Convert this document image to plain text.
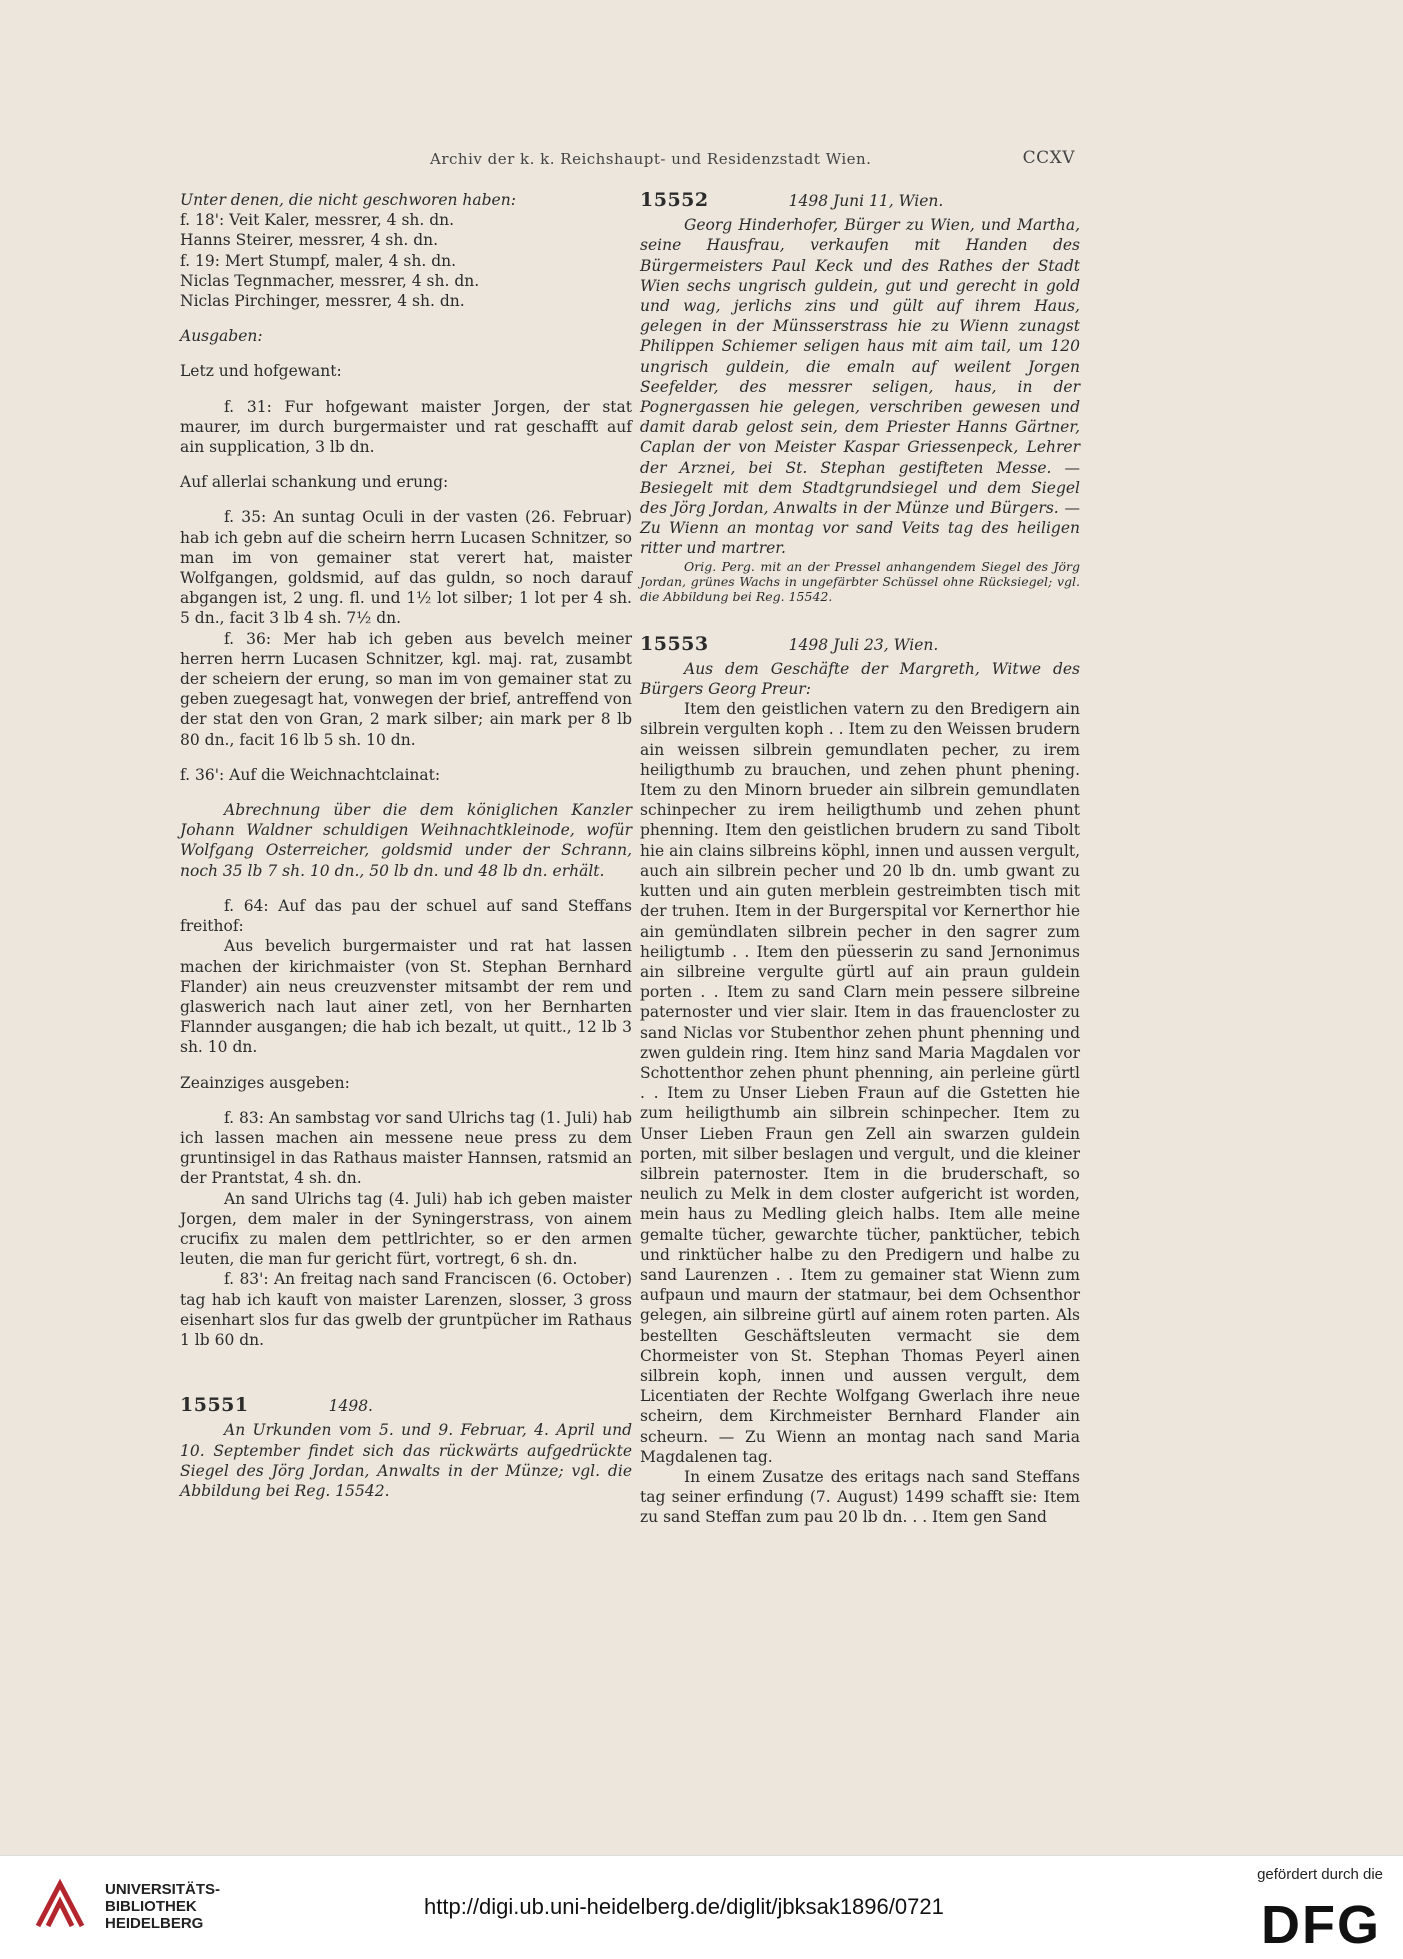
Archiv der k. k. Reichshaupt- und Residenzstadt Wien.	CCXV

Unter denen, die nicht geschworen haben:

f. 18': Veit Kaler, messrer, 4 sh. dn.

Hanns Steirer, messrer, 4 sh. dn.

f. 19: Mert Stumpf, maler, 4 sh. dn.

Niclas Tegnmacher, messrer, 4 sh. dn.

Niclas Pirchinger, messrer, 4 sh. dn.

Ausgaben:

Letz und hofgewant:

f. 31: Fur hofgewant maister Jorgen, der stat maurer, im durch burgermaister und rat geschafft auf ain supplication, 3 lb dn.

Auf allerlai schankung und erung:

f. 35: An suntag Oculi in der vasten (26. Februar) hab ich gebn auf die scheirn herrn Lucasen Schnitzer, so man im von gemainer stat verert hat, maister Wolfgangen, goldsmid, auf das guldn, so noch darauf abgangen ist, 2 ung. fl. und 1½ lot silber; 1 lot per 4 sh. 5 dn., facit 3 lb 4 sh. 7½ dn.

f. 36: Mer hab ich geben aus bevelch meiner herren herrn Lucasen Schnitzer, kgl. maj. rat, zusambt der scheiern der erung, so man im von gemainer stat zu geben zuegesagt hat, vonwegen der brief, antreffend von der stat den von Gran, 2 mark silber; ain mark per 8 lb 80 dn., facit 16 lb 5 sh. 10 dn.

f. 36': Auf die Weichnachtclainat:

Abrechnung über die dem königlichen Kanzler Johann Waldner schuldigen Weihnachtkleinode, wofür Wolfgang Osterreicher, goldsmid under der Schrann, noch 35 lb 7 sh. 10 dn., 50 lb dn. und 48 lb dn. erhält.

f. 64: Auf das pau der schuel auf sand Steffans freithof:

Aus bevelich burgermaister und rat hat lassen machen der kirichmaister (von St. Stephan Bernhard Flander) ain neus creuzvenster mitsambt der rem und glaswerich nach laut ainer zetl, von her Bernharten Flannder ausgangen; die hab ich bezalt, ut quitt., 12 lb 3 sh. 10 dn.

Zeainziges ausgeben:

f. 83: An sambstag vor sand Ulrichs tag (1. Juli) hab ich lassen machen ain messene neue press zu dem gruntinsigel in das Rathaus maister Hannsen, ratsmid an der Prantstat, 4 sh. dn.

An sand Ulrichs tag (4. Juli) hab ich geben maister Jorgen, dem maler in der Syningerstrass, von ainem crucifix zu malen dem pettlrichter, so er den armen leuten, die man fur gericht fürt, vortregt, 6 sh. dn.

f. 83': An freitag nach sand Franciscen (6. October) tag hab ich kauft von maister Larenzen, slosser, 3 gross eisenhart slos fur das gwelb der gruntpücher im Rathaus 1 lb 60 dn.

15551	1498.

An Urkunden vom 5. und 9. Februar, 4. April und 10. September findet sich das rückwärts aufgedrückte Siegel des Jörg Jordan, Anwalts in der Münze; vgl. die Abbildung bei Reg. 15542.

15552	1498 Juni 11, Wien.

Georg Hinderhofer, Bürger zu Wien, und Martha, seine Hausfrau, verkaufen mit Handen des Bürgermeisters Paul Keck und des Rathes der Stadt Wien sechs ungrisch guldein, gut und gerecht in gold und wag, jerlichs zins und gült auf ihrem Haus, gelegen in der Münsserstrass hie zu Wienn zunagst Philippen Schiemer seligen haus mit aim tail, um 120 ungrisch guldein, die emaln auf weilent Jorgen Seefelder, des messrer seligen, haus, in der Pognergassen hie gelegen, verschriben gewesen und damit darab gelost sein, dem Priester Hanns Gärtner, Caplan der von Meister Kaspar Griessenpeck, Lehrer der Arznei, bei St. Stephan gestifteten Messe. — Besiegelt mit dem Stadtgrundsiegel und dem Siegel des Jörg Jordan, Anwalts in der Münze und Bürgers. — Zu Wienn an montag vor sand Veits tag des heiligen ritter und martrer.

Orig. Perg. mit an der Pressel anhangendem Siegel des Jörg Jordan, grünes Wachs in ungefärbter Schüssel ohne Rücksiegel; vgl. die Abbildung bei Reg. 15542.

15553	1498 Juli 23, Wien.

Aus dem Geschäfte der Margreth, Witwe des Bürgers Georg Preur:

Item den geistlichen vatern zu den Bredigern ain silbrein vergulten koph . . Item zu den Weissen brudern ain weissen silbrein gemundlaten pecher, zu irem heiligthumb zu brauchen, und zehen phunt phening. Item zu den Minorn brueder ain silbrein gemundlaten schinpecher zu irem heiligthumb und zehen phunt phenning. Item den geistlichen brudern zu sand Tibolt hie ain clains silbreins köphl, innen und aussen vergult, auch ain silbrein pecher und 20 lb dn. umb gwant zu kutten und ain guten merblein gestreimbten tisch mit der truhen. Item in der Burgerspital vor Kernerthor hie ain gemündlaten silbrein pecher in den sagrer zum heiligtumb . . Item den püesserin zu sand Jernonimus ain silbreine vergulte gürtl auf ain praun guldein porten . . Item zu sand Clarn mein pessere silbreine paternoster und vier slair. Item in das frauencloster zu sand Niclas vor Stubenthor zehen phunt phenning und zwen guldein ring. Item hinz sand Maria Magdalen vor Schottenthor zehen phunt phenning, ain perleine gürtl . . Item zu Unser Lieben Fraun auf die Gstetten hie zum heiligthumb ain silbrein schinpecher. Item zu Unser Lieben Fraun gen Zell ain swarzen guldein porten, mit silber beslagen und vergult, und die kleiner silbrein paternoster. Item in die bruderschaft, so neulich zu Melk in dem closter aufgericht ist worden, mein haus zu Medling gleich halbs. Item alle meine gemalte tücher, gewarchte tücher, panktücher, tebich und rinktücher halbe zu den Predigern und halbe zu sand Laurenzen . . Item zu gemainer stat Wienn zum aufpaun und maurn der statmaur, bei dem Ochsenthor gelegen, ain silbreine gürtl auf ainem roten parten. Als bestellten Geschäftsleuten vermacht sie dem Chormeister von St. Stephan Thomas Peyerl ainen silbrein koph, innen und aussen vergult, dem Licentiaten der Rechte Wolfgang Gwerlach ihre neue scheirn, dem Kirchmeister Bernhard Flander ain scheurn. — Zu Wienn an montag nach sand Maria Magdalenen tag.

In einem Zusatze des eritags nach sand Steffans tag seiner erfindung (7. August) 1499 schafft sie: Item zu sand Steffan zum pau 20 lb dn. . . Item gen Sand

UNIVERSITÄTS-
BIBLIOTHEK
HEIDELBERG
http://digi.ub.uni-heidelberg.de/diglit/jbksak1896/0721
gefördert durch die
DFG
